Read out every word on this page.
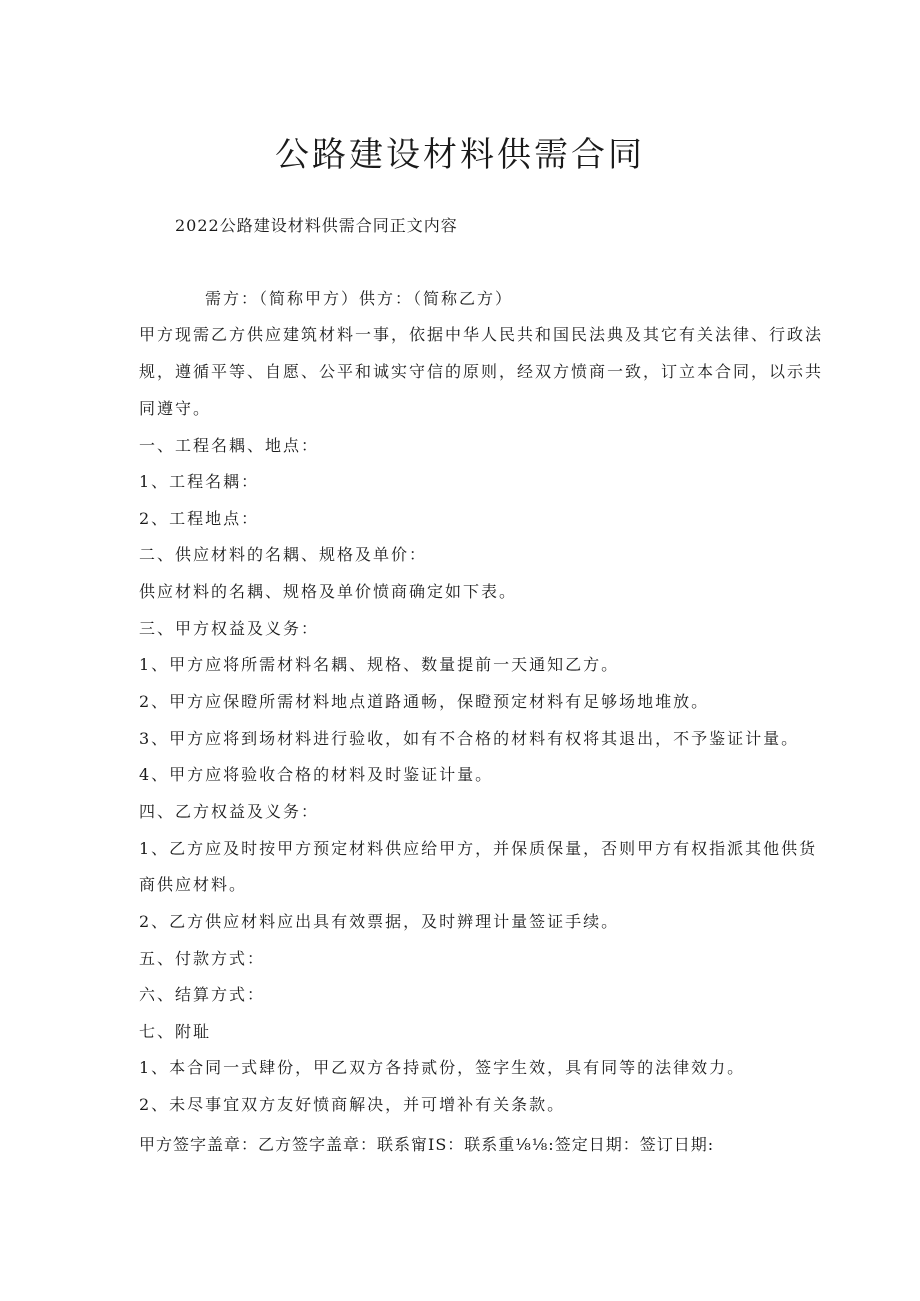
公路建设材料供需合同
2022公路建设材料供需合同正文内容
需方：（简称甲方）供方：（简称乙方）
甲方现需乙方供应建筑材料一事，依据中华人民共和国民法典及其它有关法律、行政法
规，遵循平等、自愿、公平和诚实守信的原则，经双方愤商一致，订立本合同，以示共
同遵守。
一、工程名耦、地点：
1、工程名耦：
2、工程地点：
二、供应材料的名耦、规格及单价：
供应材料的名耦、规格及单价愤商确定如下表。
三、甲方权益及义务：
1、甲方应将所需材料名耦、规格、数量提前一天通知乙方。
2、甲方应保瞪所需材料地点道路通畅，保瞪预定材料有足够场地堆放。
3、甲方应将到场材料进行验收，如有不合格的材料有权将其退出，不予鉴证计量。
4、甲方应将验收合格的材料及时鉴证计量。
四、乙方权益及义务：
1、乙方应及时按甲方预定材料供应给甲方，并保质保量，否则甲方有权指派其他供货
商供应材料。
2、乙方供应材料应出具有效票据，及时辨理计量签证手续。
五、付款方式：
六、结算方式：
七、附耻
1、本合同一式肆份，甲乙双方各持贰份，签字生效，具有同等的法律效力。
2、未尽事宜双方友好愤商解决，并可增补有关条款。
甲方签字盖章：乙方签字盖章：联系甯IS：联系重⅛⅛:签定日期：签订日期:
